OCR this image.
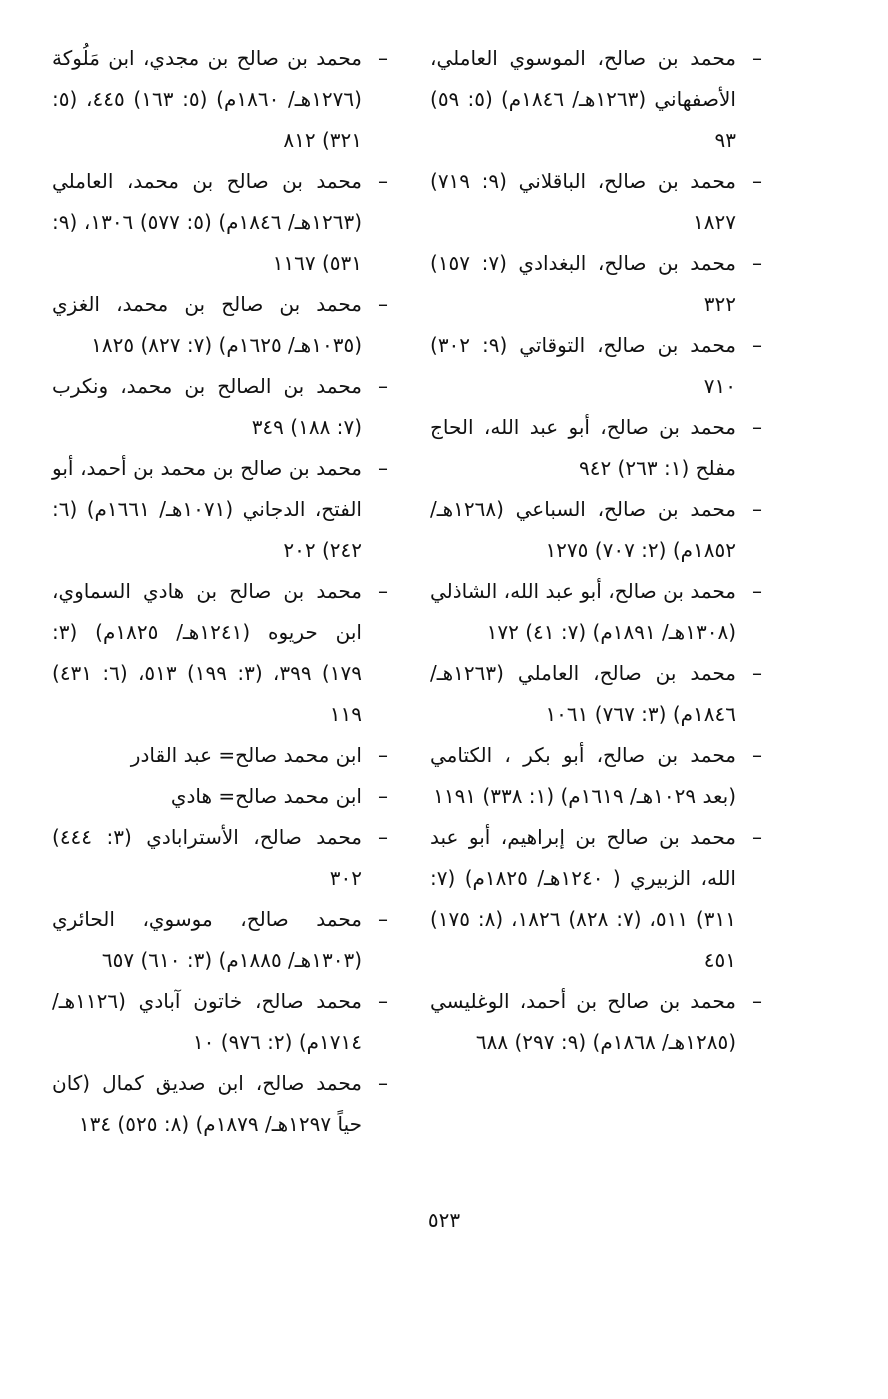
–
محمد بن صالح، الموسوي العاملي، الأصفهاني (١٢٦٣هـ/ ١٨٤٦م) (٥: ٥٩) ٩٣
–
محمد بن صالح، الباقلاني (٩: ٧١٩) ١٨٢٧
–
محمد بن صالح، البغدادي (٧: ١٥٧) ٣٢٢
–
محمد بن صالح، التوقاتي (٩: ٣٠٢) ٧١٠
–
محمد بن صالح، أبو عبد الله، الحاج مفلح (١: ٢٦٣) ٩٤٢
–
محمد بن صالح، السباعي (١٢٦٨هـ/ ١٨٥٢م) (٢: ٧٠٧) ١٢٧٥
–
محمد بن صالح، أبو عبد الله، الشاذلي (١٣٠٨هـ/ ١٨٩١م) (٧: ٤١) ١٧٢
–
محمد بن صالح، العاملي (١٢٦٣هـ/ ١٨٤٦م) (٣: ٧٦٧) ١٠٦١
–
محمد بن صالح، أبو بكر ، الكتامي (بعد ١٠٢٩هـ/ ١٦١٩م) (١: ٣٣٨) ١١٩١
–
محمد بن صالح بن إبراهيم، أبو عبد الله، الزبيري ( ١٢٤٠هـ/ ١٨٢٥م) (٧: ٣١١) ٥١١، (٧: ٨٢٨) ١٨٢٦، (٨: ١٧٥) ٤٥١
–
محمد بن صالح بن أحمد، الوغليسي (١٢٨٥هـ/ ١٨٦٨م) (٩: ٢٩٧) ٦٨٨
–
محمد بن صالح بن مجدي، ابن مَلُوكة (١٢٧٦هـ/ ١٨٦٠م) (٥: ١٦٣) ٤٤٥، (٥: ٣٢١) ٨١٢
–
محمد بن صالح بن محمد، العاملي (١٢٦٣هـ/ ١٨٤٦م) (٥: ٥٧٧) ١٣٠٦، (٩: ٥٣١) ١١٦٧
–
محمد بن صالح بن محمد، الغزي (١٠٣٥هـ/ ١٦٢٥م) (٧: ٨٢٧) ١٨٢٥
–
محمد بن الصالح بن محمد، ونكرب (٧: ١٨٨) ٣٤٩
–
محمد بن صالح بن محمد بن أحمد، أبو الفتح، الدجاني (١٠٧١هـ/ ١٦٦١م) (٦: ٢٤٢) ٢٠٢
–
محمد بن صالح بن هادي السماوي، ابن حريوه (١٢٤١هـ/ ١٨٢٥م) (٣: ١٧٩) ٣٩٩، (٣: ١٩٩) ٥١٣، (٦: ٤٣١) ١١٩
–
ابن محمد صالح= عبد القادر
–
ابن محمد صالح= هادي
–
محمد صالح، الأسترابادي (٣: ٤٤٤) ٣٠٢
–
محمد صالح، موسوي، الحائري (١٣٠٣هـ/ ١٨٨٥م) (٣: ٦١٠) ٦٥٧
–
محمد صالح، خاتون آبادي (١١٢٦هـ/ ١٧١٤م) (٢: ٩٧٦) ١٠
–
محمد صالح، ابن صديق كمال (كان حياً ١٢٩٧هـ/ ١٨٧٩م) (٨: ٥٢٥) ١٣٤
٥٢٣
